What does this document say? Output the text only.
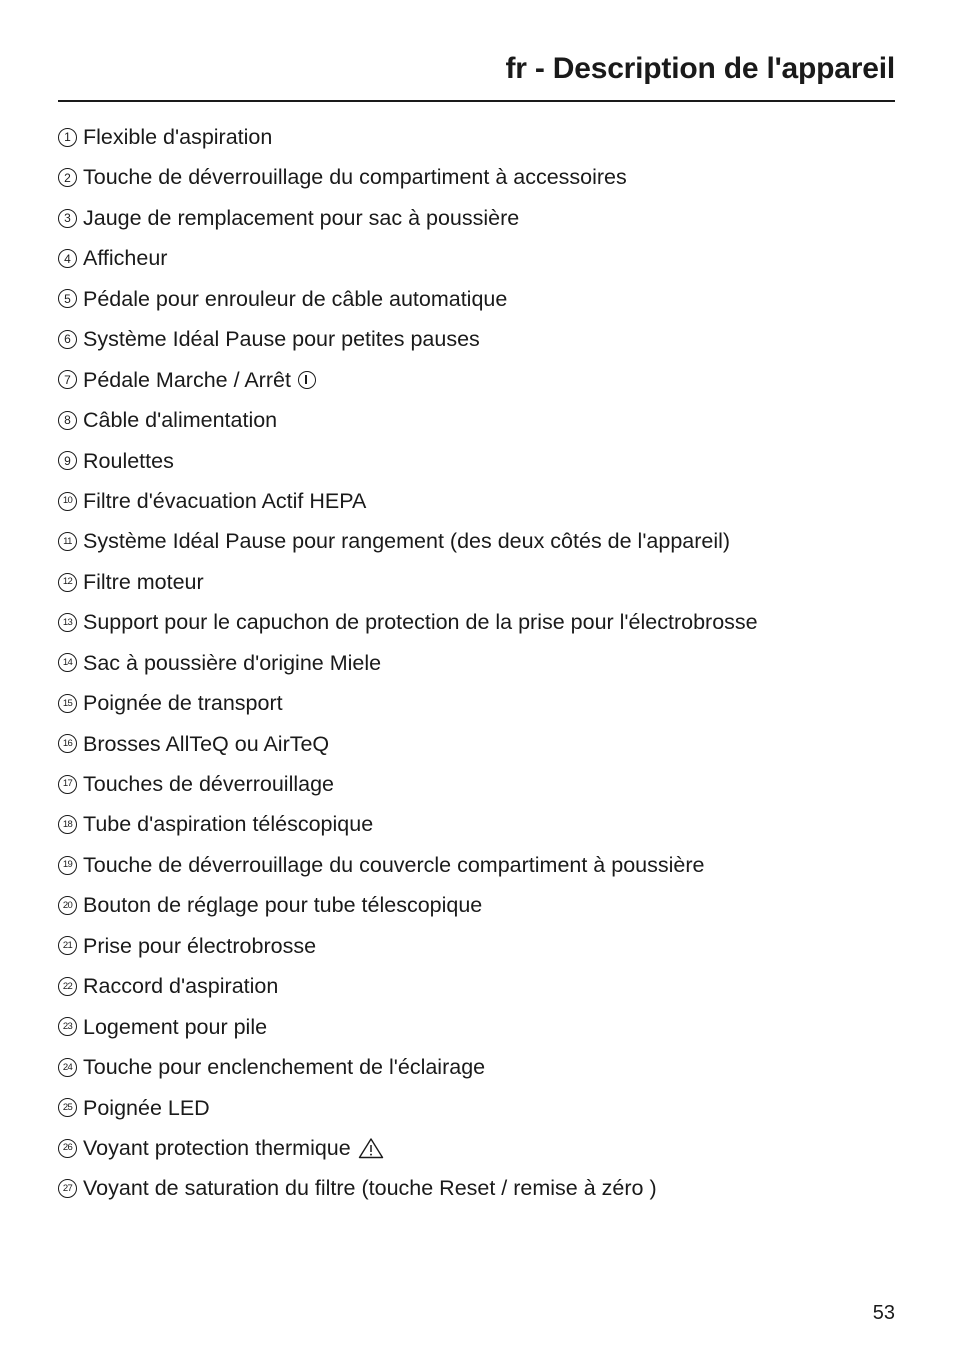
fr - Description de l'appareil
1 Flexible d'aspiration
2 Touche de déverrouillage du compartiment à accessoires
3 Jauge de remplacement pour sac à poussière
4 Afficheur
5 Pédale pour enrouleur de câble automatique
6 Système Idéal Pause pour petites pauses
7 Pédale Marche / Arrêt
8 Câble d'alimentation
9 Roulettes
10 Filtre d'évacuation Actif HEPA
11 Système Idéal Pause pour rangement (des deux côtés de l'appareil)
12 Filtre moteur
13 Support pour le capuchon de protection de la prise pour l'électrobrosse
14 Sac à poussière d'origine Miele
15 Poignée de transport
16 Brosses AllTeQ ou AirTeQ
17 Touches de déverrouillage
18 Tube d'aspiration téléscopique
19 Touche de déverrouillage du couvercle compartiment à poussière
20 Bouton de réglage pour tube télescopique
21 Prise pour électrobrosse
22 Raccord d'aspiration
23 Logement pour pile
24 Touche pour enclenchement de l'éclairage
25 Poignée LED
26 Voyant protection thermique
27 Voyant de saturation du filtre (touche Reset / remise à zéro )
53
